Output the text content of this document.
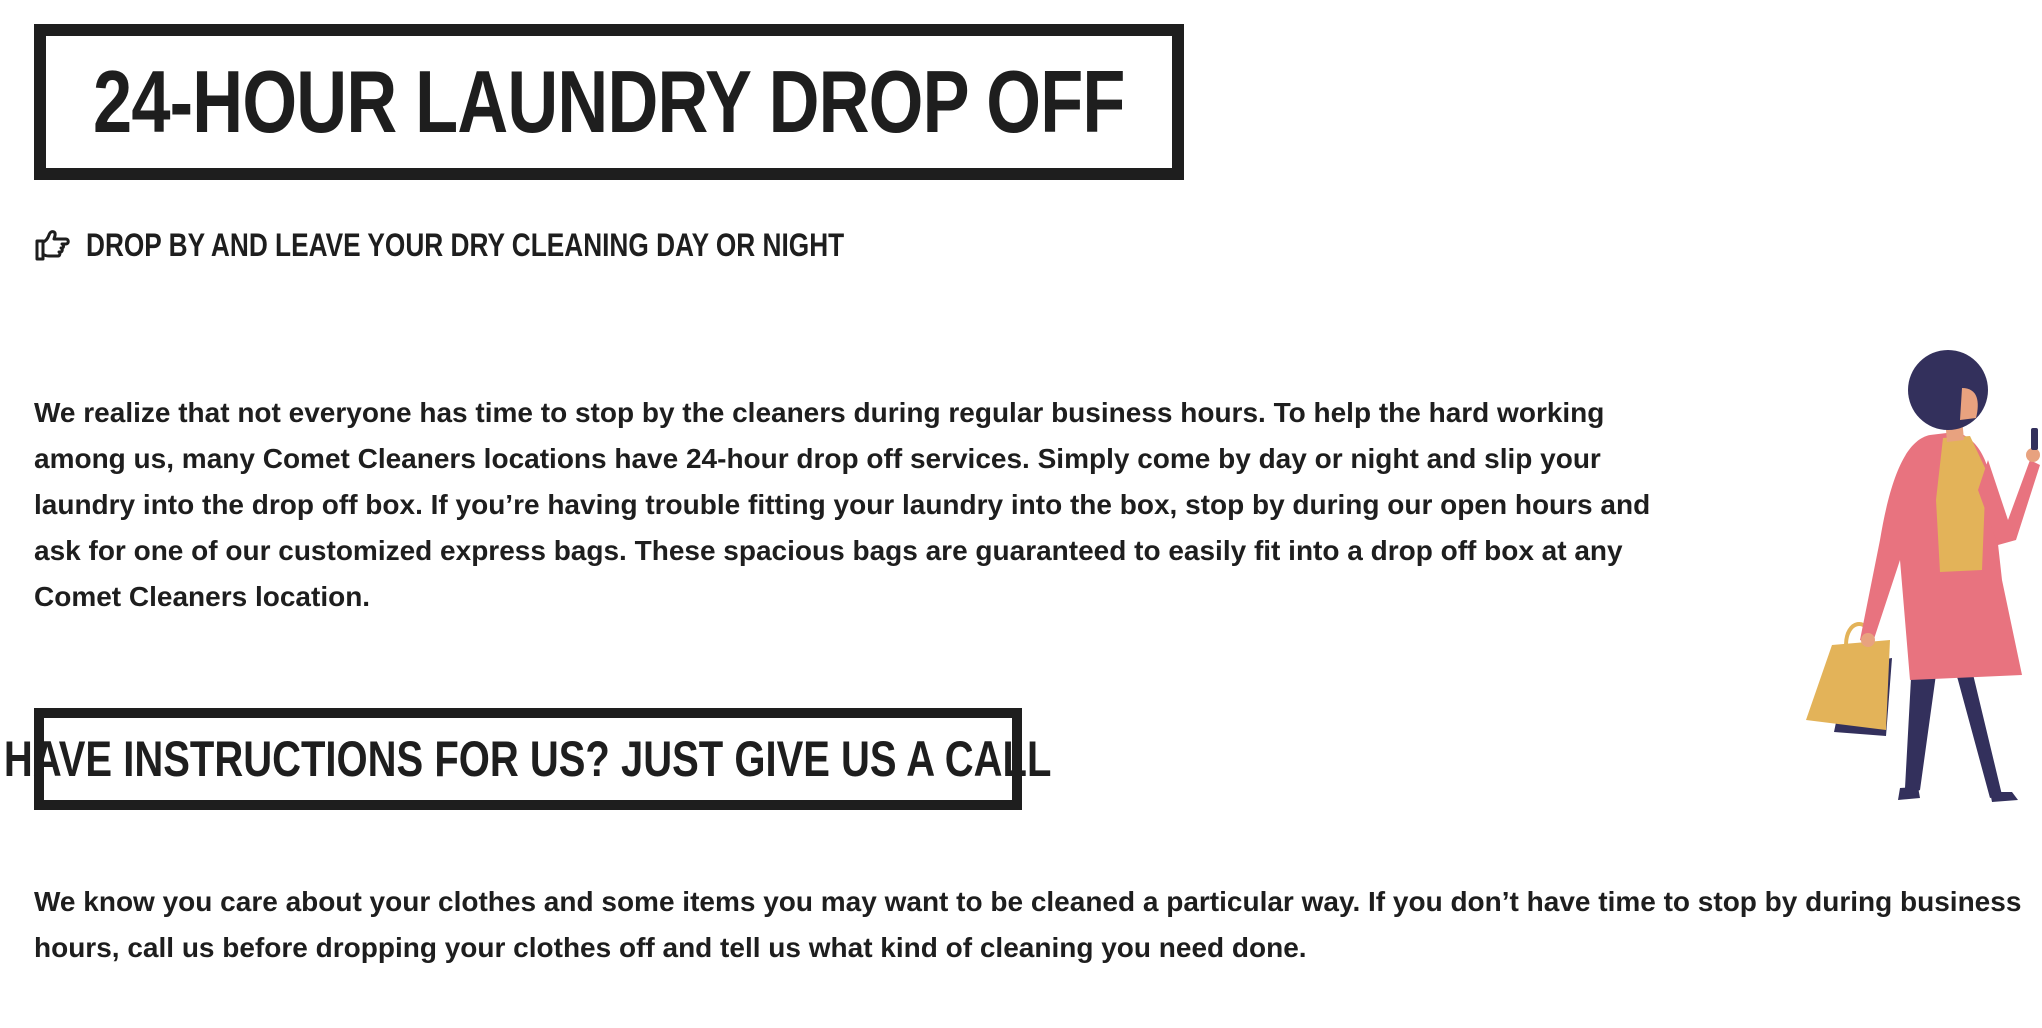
24-HOUR LAUNDRY DROP OFF
DROP BY AND LEAVE YOUR DRY CLEANING DAY OR NIGHT

We realize that not everyone has time to stop by the cleaners during regular business hours. To help the hard working among us, many Comet Cleaners locations have 24-hour drop off services. Simply come by day or night and slip your laundry into the drop off box. If you’re having trouble fitting your laundry into the box, stop by during our open hours and ask for one of our customized express bags. These spacious bags are guaranteed to easily fit into a drop off box at any Comet Cleaners location.

HAVE INSTRUCTIONS FOR US? JUST GIVE US A CALL

We know you care about your clothes and some items you may want to be cleaned a particular way. If you don’t have time to stop by during business hours, call us before dropping your clothes off and tell us what kind of cleaning you need done.
